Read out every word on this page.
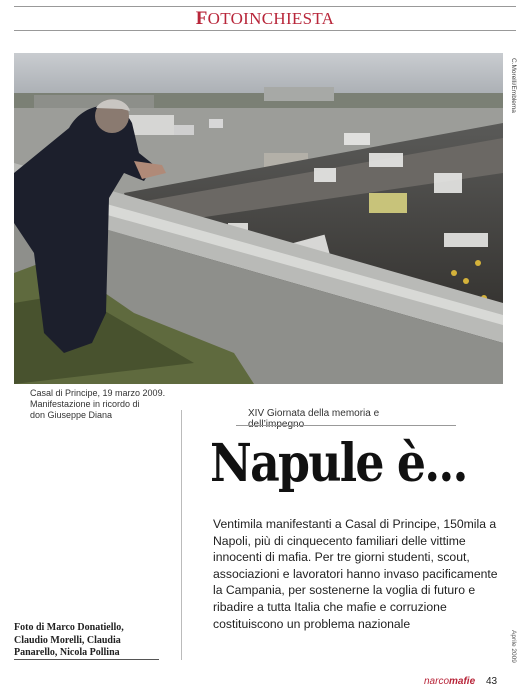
FOTOINCHIESTA
C.Morelli/Emblema
Casal di Principe, 19 marzo 2009.
Manifestazione in ricordo di
don Giuseppe Diana	XIV Giornata della memoria e dell’impegno
Napule è...
Ventimila manifestanti a Casal di Principe, 150mila a Napoli, più di cinquecento familiari delle vittime innocenti di mafia. Per tre giorni studenti, scout, associazioni e lavoratori hanno invaso pacificamente la Campania, per sostenerne la voglia di futuro e ribadire a tutta Italia che mafie e corruzione costituiscono un problema nazionale
Foto di Marco Donatiello,
Claudio Morelli, Claudia
Panarello, Nicola Pollina	Aprile 2009
narcomafie 43
